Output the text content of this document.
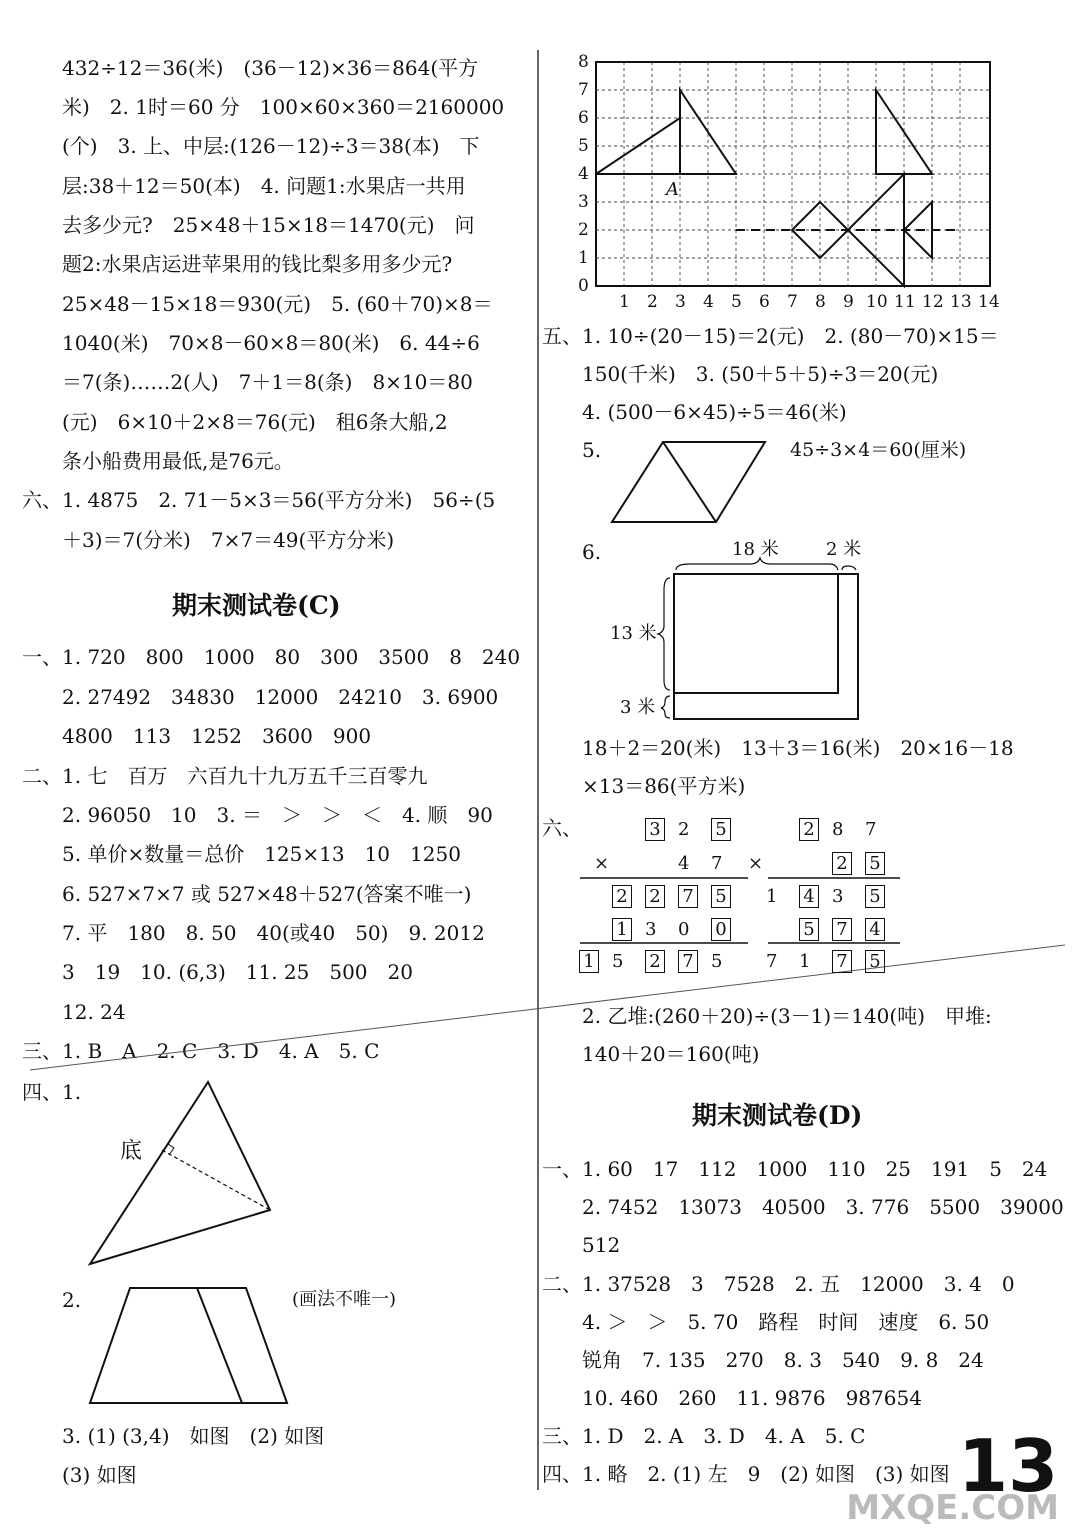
432÷12＝36(米)　(36－12)×36＝864(平方
米)　2. 1时＝60 分　100×60×360＝2160000
(个)　3. 上、中层:(126－12)÷3＝38(本)　下
层:38＋12＝50(本)　4. 问题1:水果店一共用
去多少元?　25×48＋15×18＝1470(元)　问
题2:水果店运进苹果用的钱比梨多用多少元?
25×48－15×18＝930(元)　5. (60＋70)×8＝
1040(米)　70×8－60×8＝80(米)　6. 44÷6
＝7(条)……2(人)　7＋1＝8(条)　8×10＝80
(元)　6×10＋2×8＝76(元)　租6条大船,2
条小船费用最低,是76元。
六、1. 4875　2. 71－5×3＝56(平方分米)　56÷(5
＋3)＝7(分米)　7×7＝49(平方分米)
期末测试卷(C)
一、1. 720　800　1000　80　300　3500　8　240
2. 27492　34830　12000　24210　3. 6900
4800　113　1252　3600　900
二、1. 七　百万　六百九十九万五千三百零九
2. 96050　10　3. ＝　＞　＞　＜　4. 顺　90
5. 单价×数量＝总价　125×13　10　1250
6. 527×7×7 或 527×48＋527(答案不唯一)
7. 平　180　8. 50　40(或40　50)　9. 2012
3　19　10. (6,3)　11. 25　500　20
12. 24
三、1. B　A　2. C　3. D　4. A　5. C
四、1.
8
7
6
5
4
3
2
1
0
1 2 3 4 5 6 7 8 9 10 11 12 13 14
A
底
2.	(画法不唯一)
3. (1) (3,4)　如图　(2) 如图
(3) 如图
五、1. 10÷(20－15)＝2(元)　2. (80－70)×15＝
150(千米)　3. (50＋5＋5)÷3＝20(元)
4. (500－6×45)÷5＝46(米)
5.	45÷3×4＝60(厘米)
6.	18 米	2 米
13 米
3 米
18＋2＝20(米)　13＋3＝16(米)　20×16－18
×13＝86(平方米)
六、	3 2 5
×	4 7
2 2 7 5
1 3 0 0
1 5 2 7 5
2 8 7
×	2 5
1 4 3 5
5 7 4
7 1 7 5
2. 乙堆:(260＋20)÷(3－1)＝140(吨)　甲堆:
140＋20＝160(吨)
期末测试卷(D)
一、1. 60　17　112　1000　110　25　191　5　24
2. 7452　13073　40500　3. 776　5500　39000
512
二、1. 37528　3　7528　2. 五　12000　3. 4　0
4. ＞　＞　5. 70　路程　时间　速度　6. 50
锐角　7. 135　270　8. 3　540　9. 8　24
10. 460　260　11. 9876　987654
三、1. D　2. A　3. D　4. A　5. C
四、1. 略　2. (1) 左　9　(2) 如图　(3) 如图 13
MXQE.COM
